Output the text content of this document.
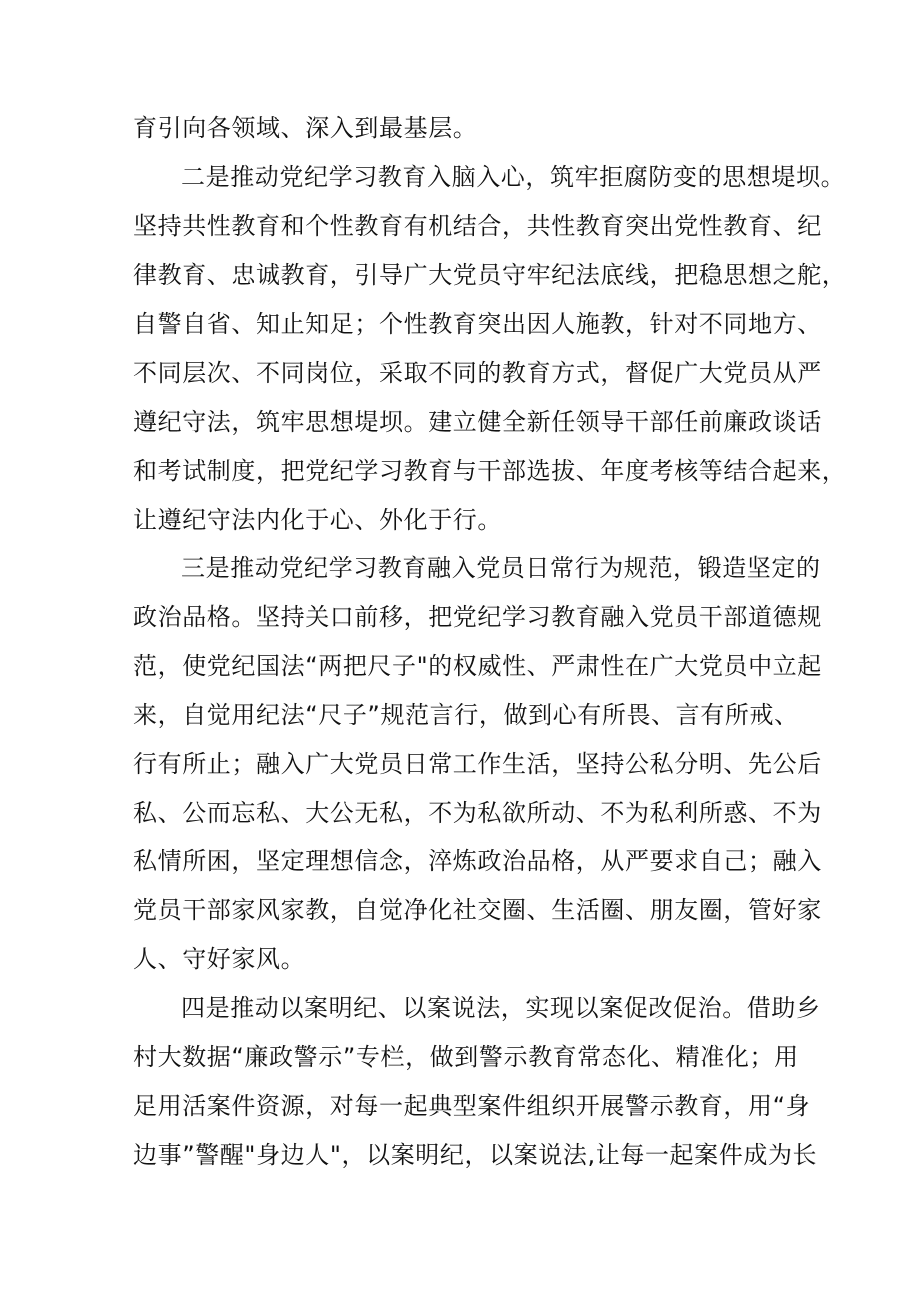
育引向各领域、深入到最基层。
二是推动党纪学习教育入脑入心，筑牢拒腐防变的思想堤坝。
坚持共性教育和个性教育有机结合，共性教育突出党性教育、纪
律教育、忠诚教育，引导广大党员守牢纪法底线，把稳思想之舵，
自警自省、知止知足；个性教育突出因人施教，针对不同地方、
不同层次、不同岗位，采取不同的教育方式，督促广大党员从严
遵纪守法，筑牢思想堤坝。建立健全新任领导干部任前廉政谈话
和考试制度，把党纪学习教育与干部选拔、年度考核等结合起来，
让遵纪守法内化于心、外化于行。
三是推动党纪学习教育融入党员日常行为规范，锻造坚定的
政治品格。坚持关口前移，把党纪学习教育融入党员干部道德规
范，使党纪国法“两把尺子"的权威性、严肃性在广大党员中立起
来，自觉用纪法“尺子”规范言行，做到心有所畏、言有所戒、
行有所止；融入广大党员日常工作生活，坚持公私分明、先公后
私、公而忘私、大公无私，不为私欲所动、不为私利所惑、不为
私情所困，坚定理想信念，淬炼政治品格，从严要求自己；融入
党员干部家风家教，自觉净化社交圈、生活圈、朋友圈，管好家
人、守好家风。
四是推动以案明纪、以案说法，实现以案促改促治。借助乡
村大数据“廉政警示”专栏，做到警示教育常态化、精准化；用
足用活案件资源，对每一起典型案件组织开展警示教育，用“身
边事”警醒"身边人"，以案明纪，以案说法,让每一起案件成为长
